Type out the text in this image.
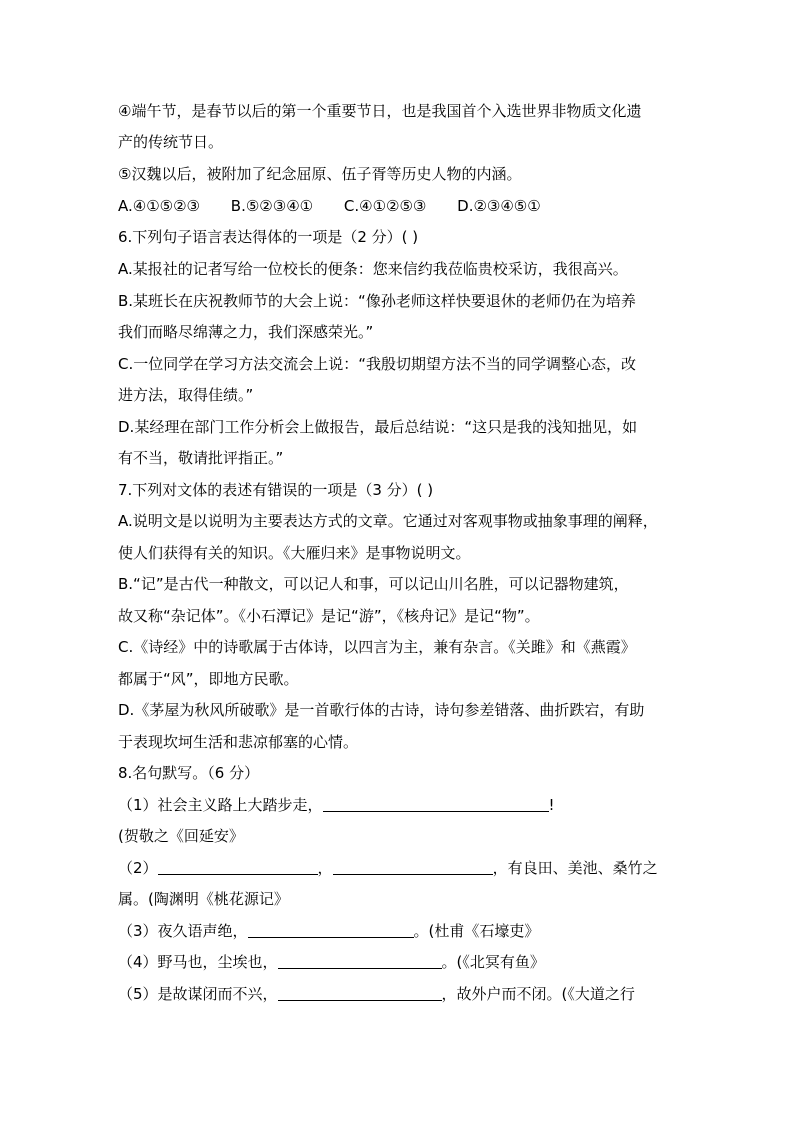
④端午节，是春节以后的第一个重要节日，也是我国首个入选世界非物质文化遗
产的传统节日。
⑤汉魏以后，被附加了纪念屈原、伍子胥等历史人物的内涵。
A.④①⑤②③ B.⑤②③④① C.④①②⑤③ D.②③④⑤①
6.下列句子语言表达得体的一项是（2 分）( )
A.某报社的记者写给一位校长的便条：您来信约我莅临贵校采访，我很高兴。
B.某班长在庆祝教师节的大会上说：“像孙老师这样快要退休的老师仍在为培养
我们而略尽绵薄之力，我们深感荣光。”
C.一位同学在学习方法交流会上说：“我殷切期望方法不当的同学调整心态，改
进方法，取得佳绩。”
D.某经理在部门工作分析会上做报告，最后总结说：“这只是我的浅知拙见，如
有不当，敬请批评指正。”
7.下列对文体的表述有错误的一项是（3 分）( )
A.说明文是以说明为主要表达方式的文章。它通过对客观事物或抽象事理的阐释，
使人们获得有关的知识。《大雁归来》是事物说明文。
B.“记”是古代一种散文，可以记人和事，可以记山川名胜，可以记器物建筑，
故又称“杂记体”。《小石潭记》是记“游”，《核舟记》是记“物”。
C.《诗经》中的诗歌属于古体诗，以四言为主，兼有杂言。《关雎》和《燕霞》
都属于“风”，即地方民歌。
D.《茅屋为秋风所破歌》是一首歌行体的古诗，诗句参差错落、曲折跌宕，有助
于表现坎坷生活和悲凉郁塞的心情。
8.名句默写。（6 分）
（1）社会主义路上大踏步走，	!
(贺敬之《回延安》
（2）	，	，有良田、美池、桑竹之
属。(陶渊明《桃花源记》
（3）夜久语声绝，	。(杜甫《石壕吏》
（4）野马也，尘埃也，	。(《北冥有鱼》
（5）是故谋闭而不兴，	，故外户而不闭。(《大道之行
